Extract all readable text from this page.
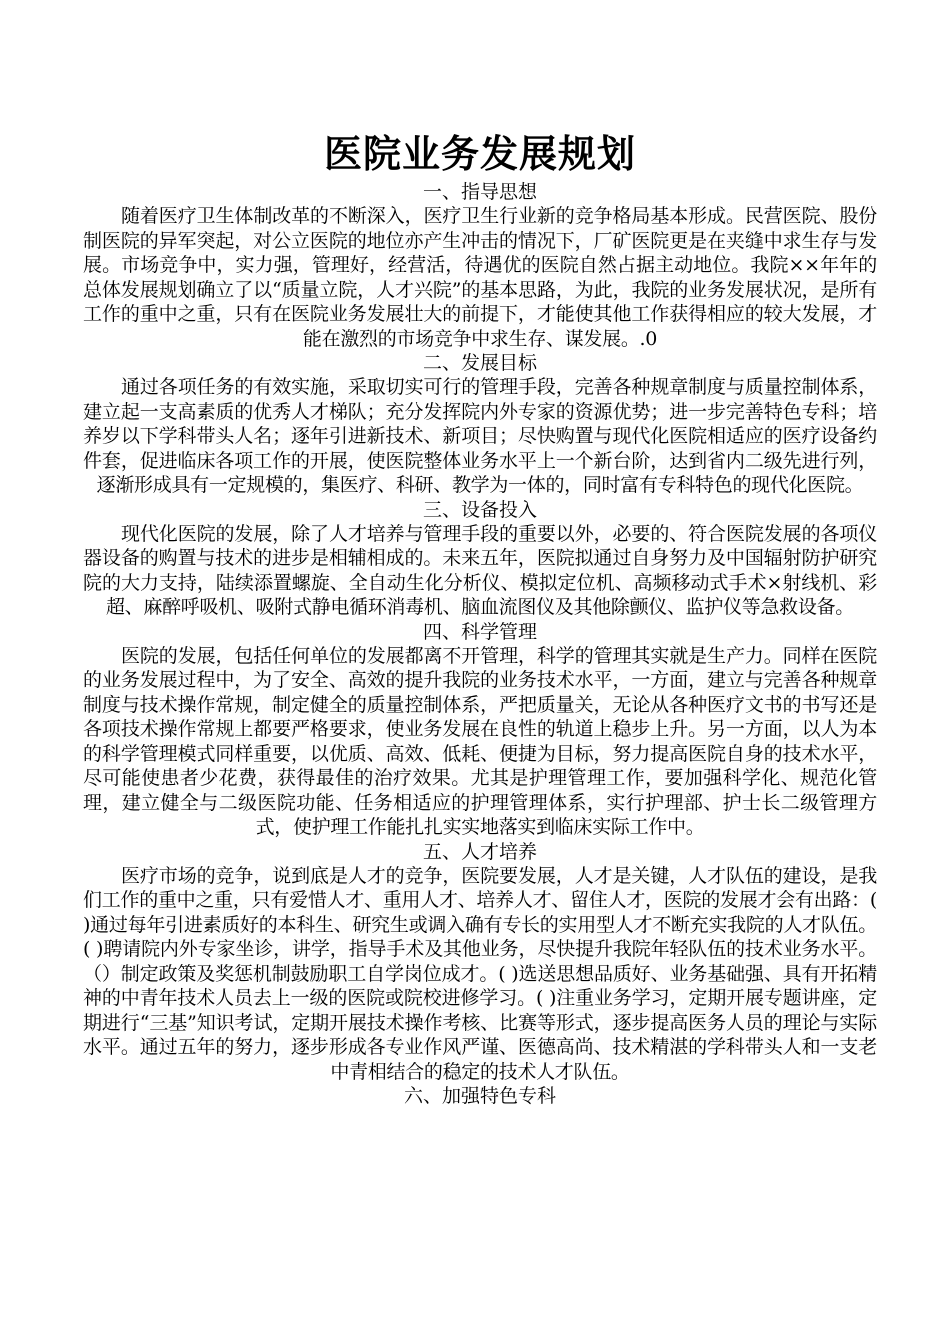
医院业务发展规划
一、指导思想

随着医疗卫生体制改革的不断深入，医疗卫生行业新的竞争格局基本形成。民营医院、股份制医院的异军突起，对公立医院的地位亦产生冲击的情况下，厂矿医院更是在夹缝中求生存与发展。市场竞争中，实力强，管理好，经营活，待遇优的医院自然占据主动地位。我院××年年的总体发展规划确立了以“质量立院，人才兴院”的基本思路，为此，我院的业务发展状况，是所有工作的重中之重，只有在医院业务发展壮大的前提下，才能使其他工作获得相应的较大发展，才能在激烈的市场竞争中求生存、谋发展。.0

二、发展目标

通过各项任务的有效实施，采取切实可行的管理手段，完善各种规章制度与质量控制体系，建立起一支高素质的优秀人才梯队；充分发挥院内外专家的资源优势；进一步完善特色专科；培养岁以下学科带头人名；逐年引进新技术、新项目；尽快购置与现代化医院相适应的医疗设备约件套，促进临床各项工作的开展，使医院整体业务水平上一个新台阶，达到省内二级先进行列，逐渐形成具有一定规模的，集医疗、科研、教学为一体的，同时富有专科特色的现代化医院。

三、设备投入

现代化医院的发展，除了人才培养与管理手段的重要以外，必要的、符合医院发展的各项仪器设备的购置与技术的进步是相辅相成的。未来五年，医院拟通过自身努力及中国辐射防护研究院的大力支持，陆续添置螺旋、全自动生化分析仪、模拟定位机、高频移动式手术×射线机、彩超、麻醉呼吸机、吸附式静电循环消毒机、脑血流图仪及其他除颤仪、监护仪等急救设备。

四、科学管理

医院的发展，包括任何单位的发展都离不开管理，科学的管理其实就是生产力。同样在医院的业务发展过程中，为了安全、高效的提升我院的业务技术水平，一方面，建立与完善各种规章制度与技术操作常规，制定健全的质量控制体系，严把质量关，无论从各种医疗文书的书写还是各项技术操作常规上都要严格要求，使业务发展在良性的轨道上稳步上升。另一方面，以人为本的科学管理模式同样重要，以优质、高效、低耗、便捷为目标，努力提高医院自身的技术水平，尽可能使患者少花费，获得最佳的治疗效果。尤其是护理管理工作，要加强科学化、规范化管理，建立健全与二级医院功能、任务相适应的护理管理体系，实行护理部、护士长二级管理方式，使护理工作能扎扎实实地落实到临床实际工作中。

五、人才培养

医疗市场的竞争，说到底是人才的竞争，医院要发展，人才是关键，人才队伍的建设，是我们工作的重中之重，只有爱惜人才、重用人才、培养人才、留住人才，医院的发展才会有出路：( )通过每年引进素质好的本科生、研究生或调入确有专长的实用型人才不断充实我院的人才队伍。( )聘请院内外专家坐诊，讲学，指导手术及其他业务，尽快提升我院年轻队伍的技术业务水平。（）制定政策及奖惩机制鼓励职工自学岗位成才。( )选送思想品质好、业务基础强、具有开拓精神的中青年技术人员去上一级的医院或院校进修学习。( )注重业务学习，定期开展专题讲座，定期进行“三基”知识考试，定期开展技术操作考核、比赛等形式，逐步提高医务人员的理论与实际水平。通过五年的努力，逐步形成各专业作风严谨、医德高尚、技术精湛的学科带头人和一支老中青相结合的稳定的技术人才队伍。

六、加强特色专科
